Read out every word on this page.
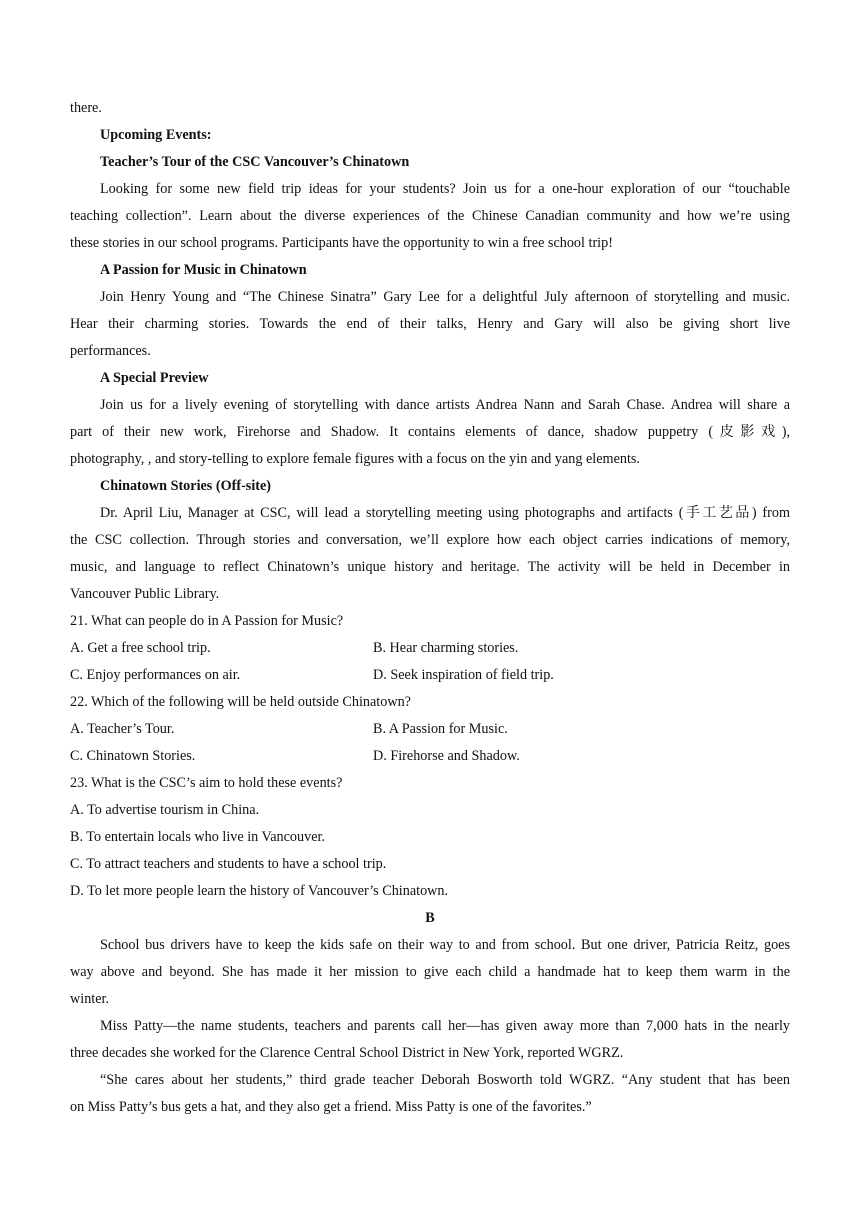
there.
Upcoming Events:
Teacher’s Tour of the CSC Vancouver’s Chinatown
Looking for some new field trip ideas for your students? Join us for a one-hour exploration of our “touchable
teaching collection”. Learn about the diverse experiences of the Chinese Canadian community and how we’re using
these stories in our school programs. Participants have the opportunity to win a free school trip!
A Passion for Music in Chinatown
Join Henry Young and “The Chinese Sinatra” Gary Lee for a delightful July afternoon of storytelling and music.
Hear their charming stories. Towards the end of their talks, Henry and Gary will also be giving short live
performances.
A Special Preview
Join us for a lively evening of storytelling with dance artists Andrea Nann and Sarah Chase. Andrea will share a
part of their new work, Firehorse and Shadow. It contains elements of dance, shadow puppetry (皮影戏),
photography, , and story-telling to explore female figures with a focus on the yin and yang elements.
Chinatown Stories (Off-site)
Dr. April Liu, Manager at CSC, will lead a storytelling meeting using photographs and artifacts (手工艺品) from
the CSC collection. Through stories and conversation, we’ll explore how each object carries indications of memory,
music, and language to reflect Chinatown’s unique history and heritage. The activity will be held in December in
Vancouver Public Library.
21. What can people do in A Passion for Music?
A. Get a free school trip.	B. Hear charming stories.
C. Enjoy performances on air.	D. Seek inspiration of field trip.
22. Which of the following will be held outside Chinatown?
A. Teacher’s Tour.	B. A Passion for Music.
C. Chinatown Stories.	D. Firehorse and Shadow.
23. What is the CSC’s aim to hold these events?
A. To advertise tourism in China.
B. To entertain locals who live in Vancouver.
C. To attract teachers and students to have a school trip.
D. To let more people learn the history of Vancouver’s Chinatown.
B
School bus drivers have to keep the kids safe on their way to and from school. But one driver, Patricia Reitz, goes
way above and beyond. She has made it her mission to give each child a handmade hat to keep them warm in the
winter.
Miss Patty—the name students, teachers and parents call her—has given away more than 7,000 hats in the nearly
three decades she worked for the Clarence Central School District in New York, reported WGRZ.
“She cares about her students,” third grade teacher Deborah Bosworth told WGRZ. “Any student that has been
on Miss Patty’s bus gets a hat, and they also get a friend. Miss Patty is one of the favorites.”
